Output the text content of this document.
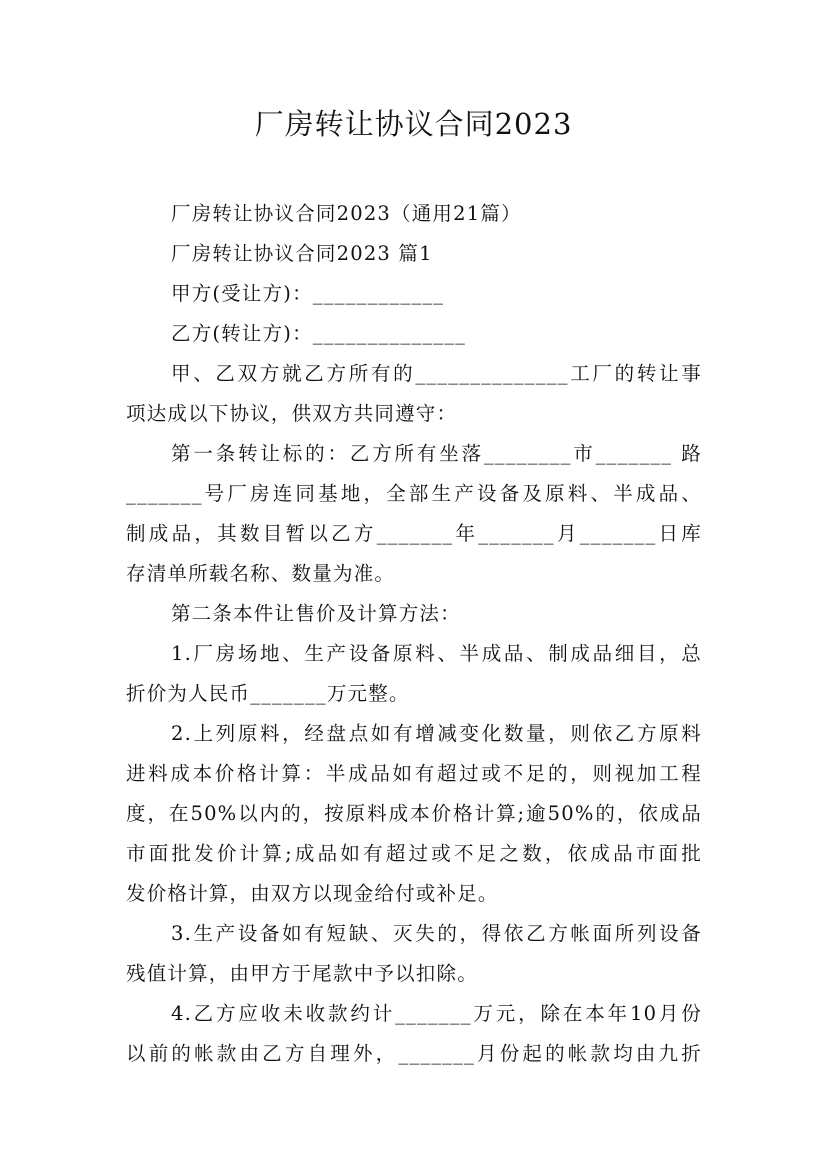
厂房转让协议合同2023
厂房转让协议合同2023（通用21篇）
厂房转让协议合同2023 篇1
甲方(受让方)：____________
乙方(转让方)：______________
甲、乙双方就乙方所有的______________工厂的转让事
项达成以下协议，供双方共同遵守：
第一条转让标的：乙方所有坐落________市_______ 路
_______号厂房连同基地，全部生产设备及原料、半成品、
制成品，其数目暂以乙方_______年_______月_______日库
存清单所载名称、数量为准。
第二条本件让售价及计算方法：
1.厂房场地、生产设备原料、半成品、制成品细目，总
折价为人民币_______万元整。
2.上列原料，经盘点如有增减变化数量，则依乙方原料
进料成本价格计算：半成品如有超过或不足的，则视加工程
度，在50%以内的，按原料成本价格计算;逾50%的，依成品
市面批发价计算;成品如有超过或不足之数，依成品市面批
发价格计算，由双方以现金给付或补足。
3.生产设备如有短缺、灭失的，得依乙方帐面所列设备
残值计算，由甲方于尾款中予以扣除。
4.乙方应收未收款约计_______万元，除在本年10月份
以前的帐款由乙方自理外，_______月份起的帐款均由九折
